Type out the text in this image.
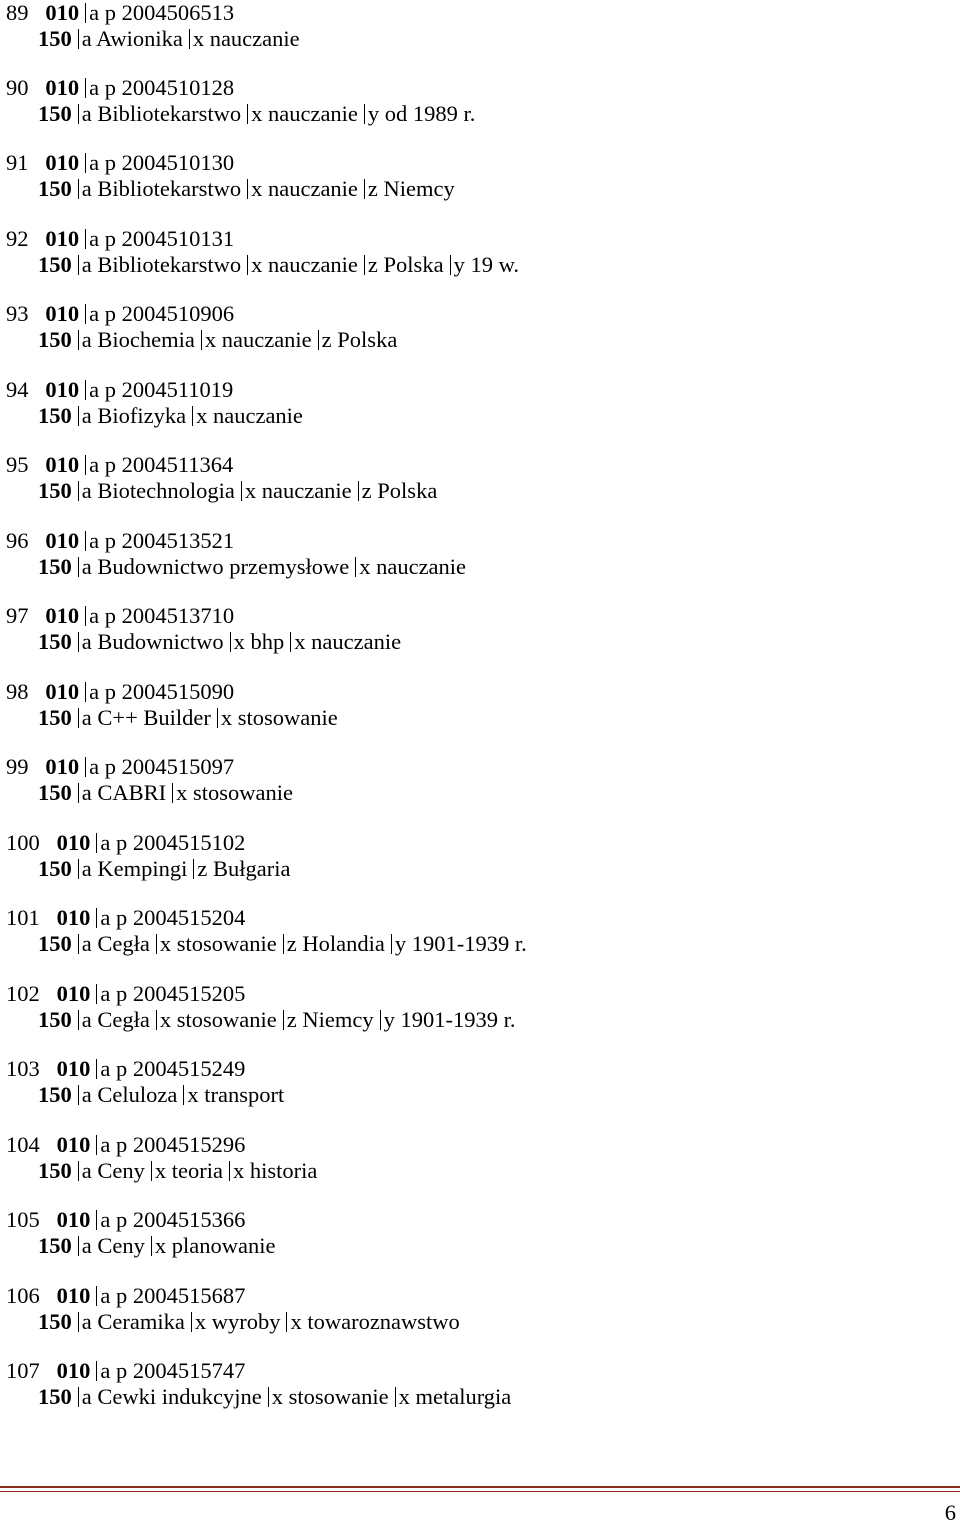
89 010 a p 2004506513
150 a Awionika x nauczanie
90 010 a p 2004510128
150 a Bibliotekarstwo x nauczanie y od 1989 r.
91 010 a p 2004510130
150 a Bibliotekarstwo x nauczanie z Niemcy
92 010 a p 2004510131
150 a Bibliotekarstwo x nauczanie z Polska y 19 w.
93 010 a p 2004510906
150 a Biochemia x nauczanie z Polska
94 010 a p 2004511019
150 a Biofizyka x nauczanie
95 010 a p 2004511364
150 a Biotechnologia x nauczanie z Polska
96 010 a p 2004513521
150 a Budownictwo przemysłowe x nauczanie
97 010 a p 2004513710
150 a Budownictwo x bhp x nauczanie
98 010 a p 2004515090
150 a C++ Builder x stosowanie
99 010 a p 2004515097
150 a CABRI x stosowanie
100 010 a p 2004515102
150 a Kempingi z Bułgaria
101 010 a p 2004515204
150 a Cegła x stosowanie z Holandia y 1901-1939 r.
102 010 a p 2004515205
150 a Cegła x stosowanie z Niemcy y 1901-1939 r.
103 010 a p 2004515249
150 a Celuloza x transport
104 010 a p 2004515296
150 a Ceny x teoria x historia
105 010 a p 2004515366
150 a Ceny x planowanie
106 010 a p 2004515687
150 a Ceramika x wyroby x towaroznawstwo
107 010 a p 2004515747
150 a Cewki indukcyjne x stosowanie x metalurgia
6
